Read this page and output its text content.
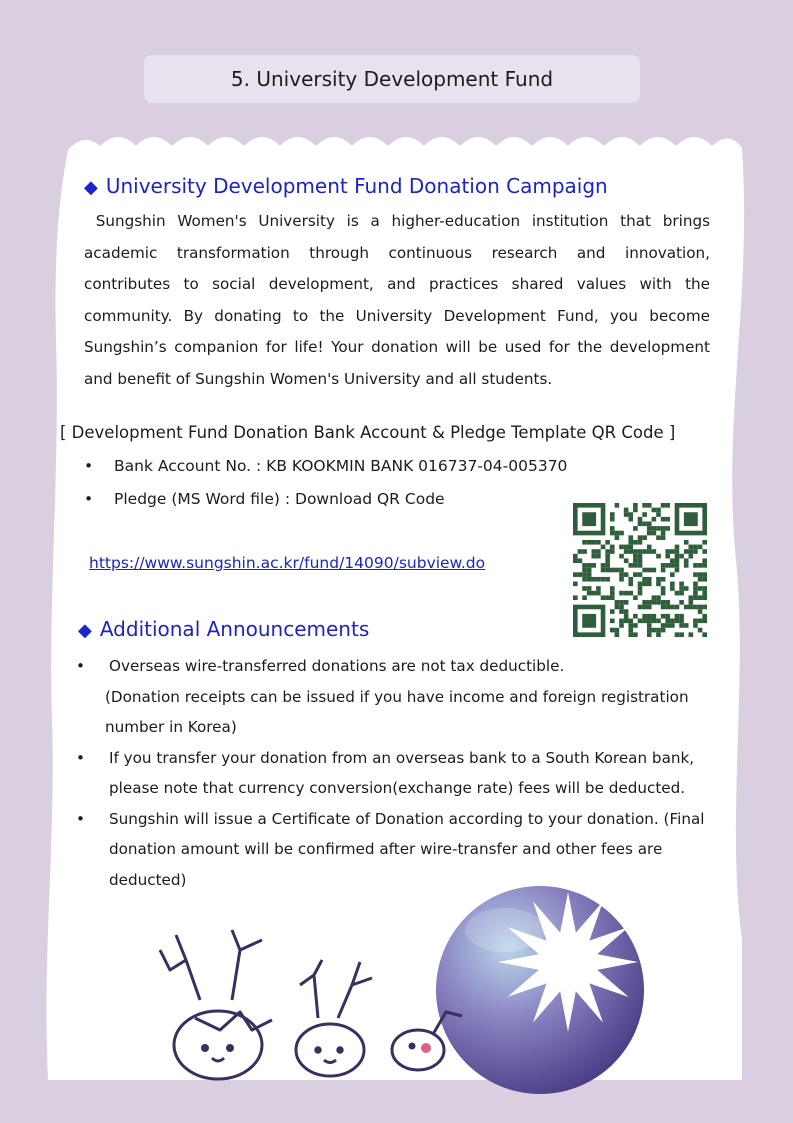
5. University Development Fund
◆ University Development Fund Donation Campaign
Sungshin Women's University is a higher-education institution that brings academic transformation through continuous research and innovation, contributes to social development, and practices shared values with the community. By donating to the University Development Fund, you become Sungshin’s companion for life! Your donation will be used for the development and benefit of Sungshin Women's University and all students.
[ Development Fund Donation Bank Account & Pledge Template QR Code ]
•	Bank Account No. : KB KOOKMIN BANK 016737-04-005370
•	Pledge (MS Word file) : Download QR Code
https://www.sungshin.ac.kr/fund/14090/subview.do
◆ Additional Announcements
•	Overseas wire-transferred donations are not tax deductible.
(Donation receipts can be issued if you have income and foreign registration number in Korea)
•	If you transfer your donation from an overseas bank to a South Korean bank, please note that currency conversion(exchange rate) fees will be deducted.
•	Sungshin will issue a Certificate of Donation according to your donation. (Final donation amount will be confirmed after wire-transfer and other fees are deducted)
